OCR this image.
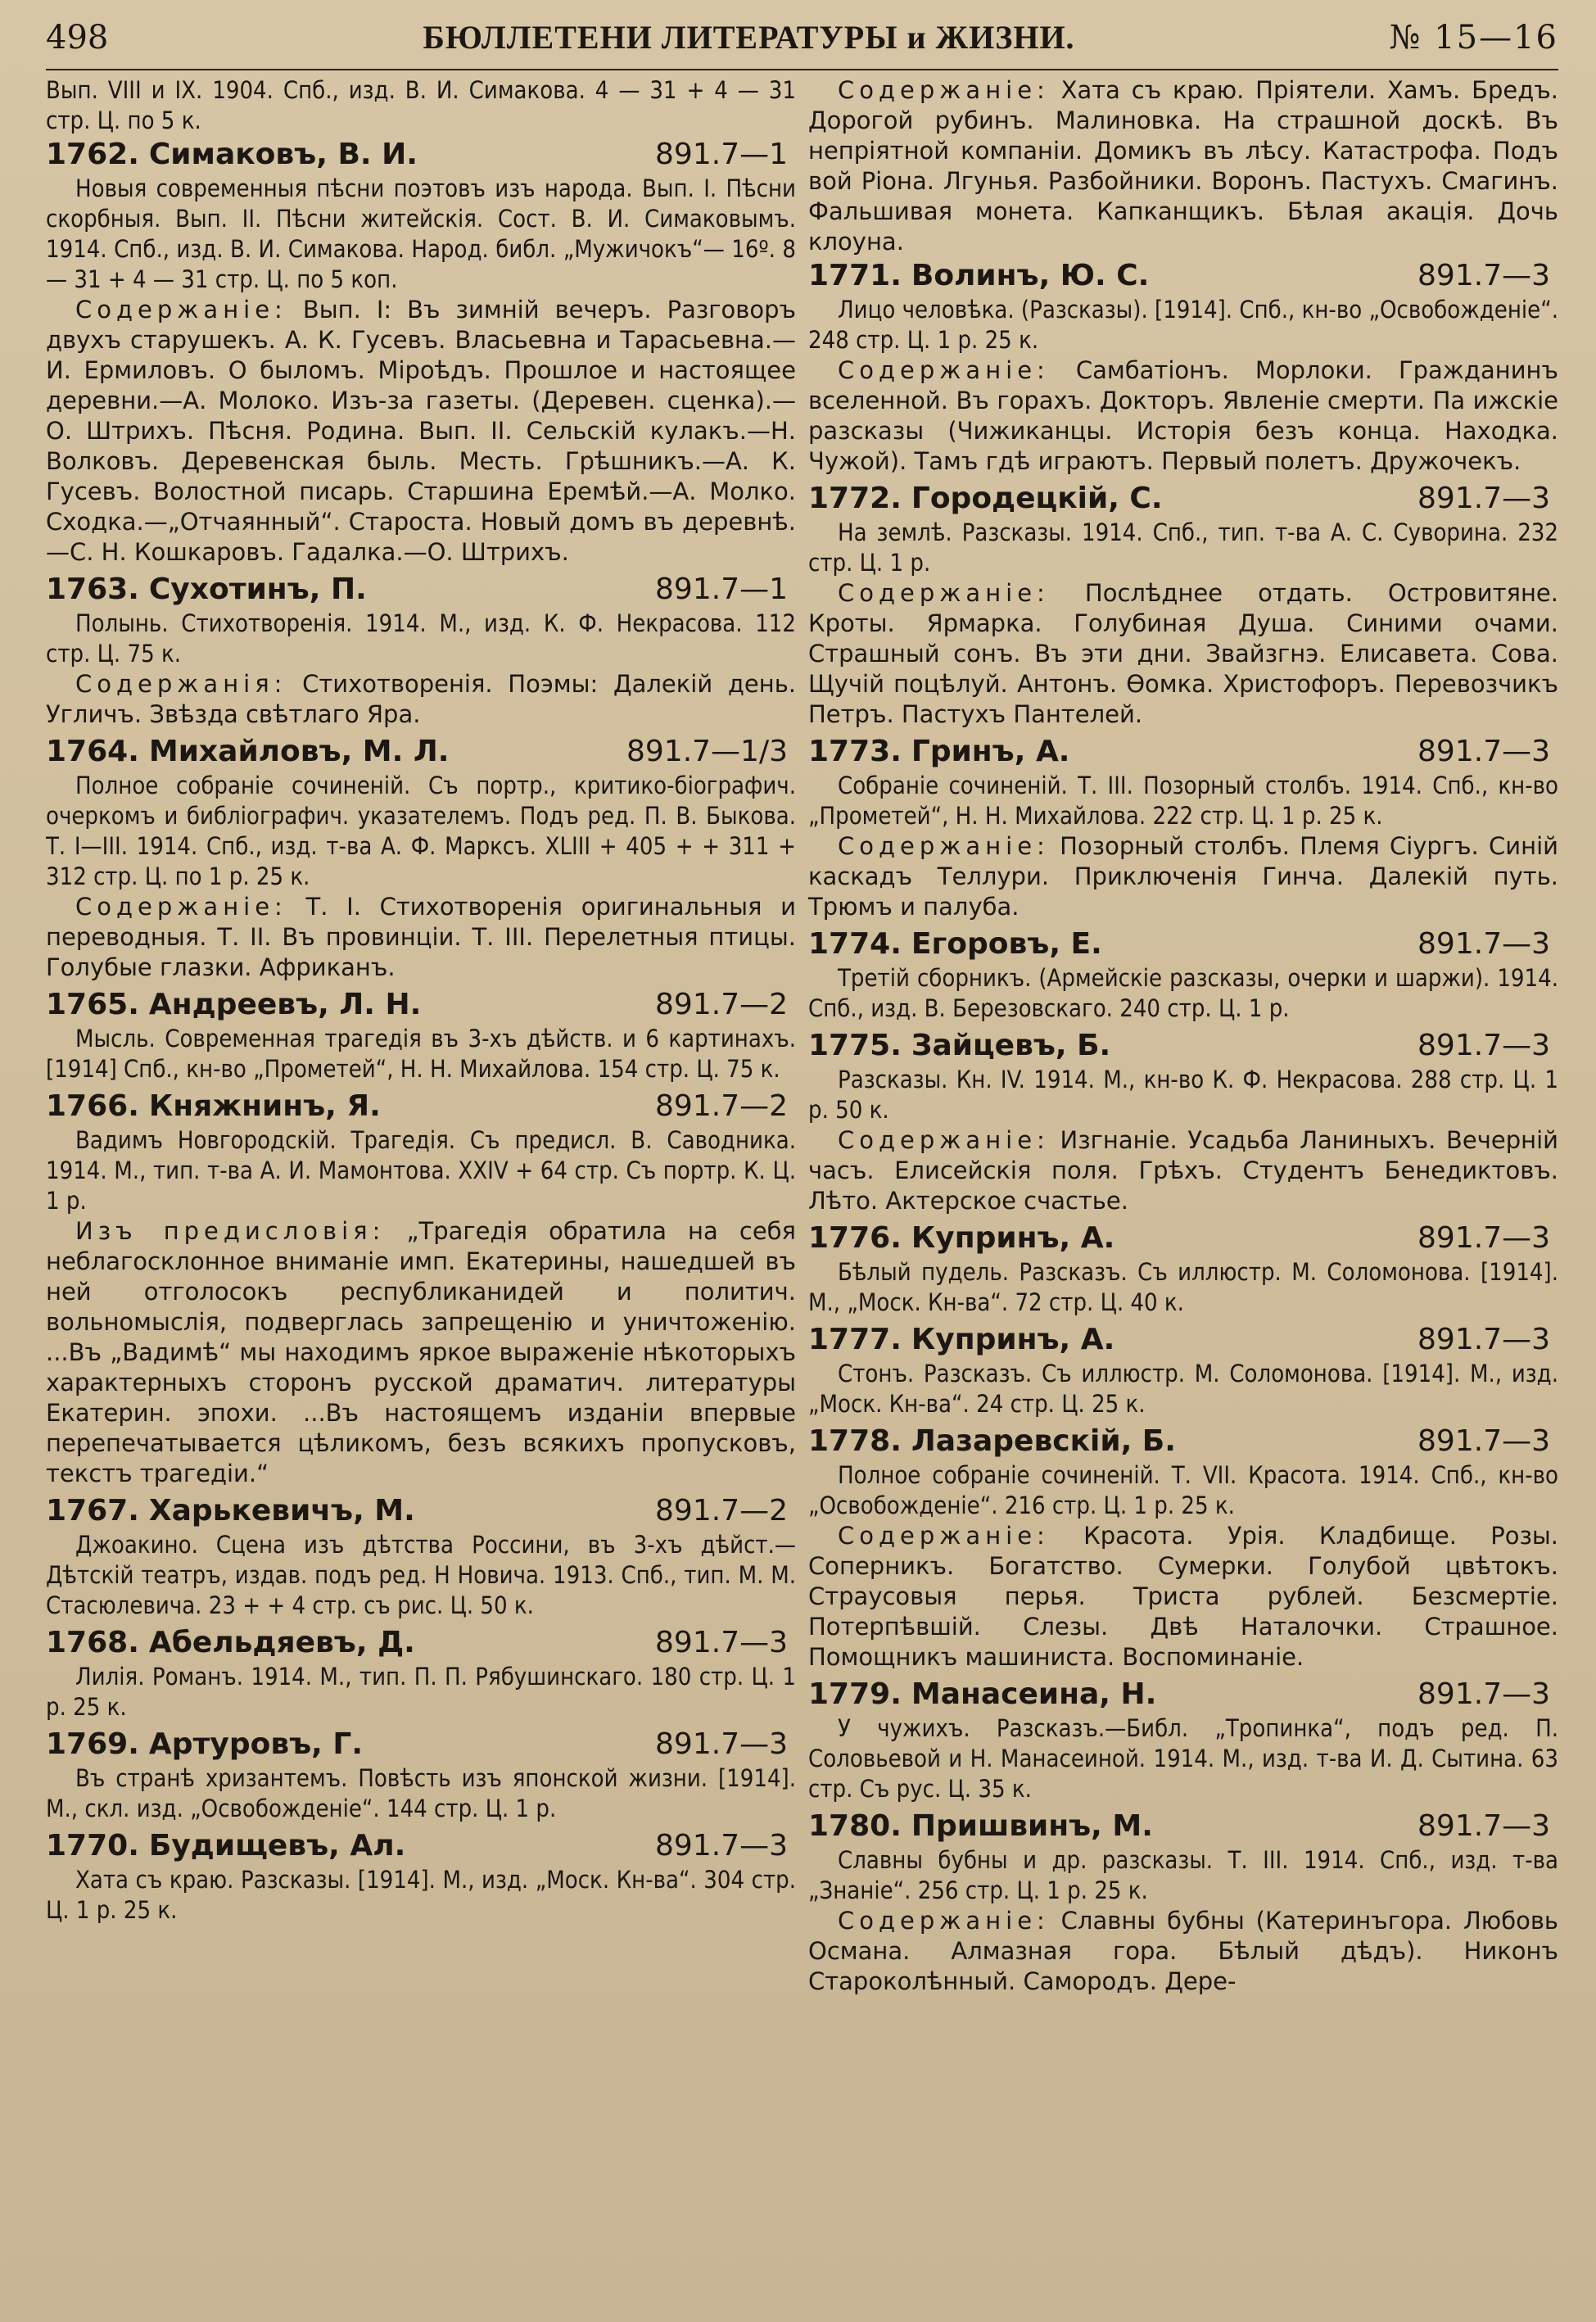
498	БЮЛЛЕТЕНИ ЛИТЕРАТУРЫ и ЖИЗНИ.	№ 15—16
Вып. VIII и IX. 1904. Спб., изд. В. И. Симакова. 4 — 31 + 4 — 31 стр. Ц. по 5 к.
1762. Симаковъ, В. И.	891.7—1
Новыя современныя пѣсни поэтовъ изъ народа. Вып. I. Пѣсни скорбныя. Вып. II. Пѣсни житейскія. Сост. В. И. Симаковымъ. 1914. Спб., изд. В. И. Симакова. Народ. библ. „Мужичокъ“— 16º. 8 — 31 + 4 — 31 стр. Ц. по 5 коп.
Содержаніе: Вып. I: Въ зимній вечеръ. Разговоръ двухъ старушекъ. А. К. Гусевъ. Власьевна и Тарасьевна.—И. Ермиловъ. О быломъ. Міроѣдъ. Прошлое и настоящее деревни.—А. Молоко. Изъ-за газеты. (Деревен. сценка).—О. Штрихъ. Пѣсня. Родина. Вып. II. Сельскій кулакъ.—Н. Волковъ. Деревенская быль. Месть. Грѣшникъ.—А. К. Гусевъ. Волостной писарь. Старшина Еремѣй.—А. Молко. Сходка.—„Отчаянный“. Староста. Новый домъ въ деревнѣ.—С. Н. Кошкаровъ. Гадалка.—О. Штрихъ.
1763. Сухотинъ, П.	891.7—1
Полынь. Стихотворенія. 1914. М., изд. К. Ф. Некрасова. 112 стр. Ц. 75 к.
Содержанія: Стихотворенія. Поэмы: Далекій день. Угличъ. Звѣзда свѣтлаго Яра.
1764. Михайловъ, М. Л.	891.7—1/3
Полное собраніе сочиненій. Съ портр., критико-біографич. очеркомъ и библіографич. указателемъ. Подъ ред. П. В. Быкова. Т. I—III. 1914. Спб., изд. т-ва А. Ф. Марксъ. XLIII + 405 + + 311 + 312 стр. Ц. по 1 р. 25 к.
Содержаніе: Т. I. Стихотворенія оригинальныя и переводныя. Т. II. Въ провинціи. Т. III. Перелетныя птицы. Голубые глазки. Африканъ.
1765. Андреевъ, Л. Н.	891.7—2
Мысль. Современная трагедія въ 3-хъ дѣйств. и 6 картинахъ. [1914] Спб., кн-во „Прометей“, Н. Н. Михайлова. 154 стр. Ц. 75 к.
1766. Княжнинъ, Я.	891.7—2
Вадимъ Новгородскій. Трагедія. Съ предисл. В. Саводника. 1914. М., тип. т-ва А. И. Мамонтова. XXIV + 64 стр. Съ портр. К. Ц. 1 р.
Изъ предисловія: „Трагедія обратила на себя неблагосклонное вниманіе имп. Екатерины, нашедшей въ ней отголосокъ республиканидей и политич. вольномыслія, подверглась запрещенію и уничтоженію. ...Въ „Вадимѣ“ мы находимъ яркое выраженіе нѣкоторыхъ характерныхъ сторонъ русской драматич. литературы Екатерин. эпохи. ...Въ настоящемъ изданіи впервые перепечатывается цѣликомъ, безъ всякихъ пропусковъ, текстъ трагедіи.“
1767. Харькевичъ, М.	891.7—2
Джоакино. Сцена изъ дѣтства Россини, въ 3-хъ дѣйст.—Дѣтскій театръ, издав. подъ ред. Н Новича. 1913. Спб., тип. М. М. Стасюлевича. 23 + + 4 стр. съ рис. Ц. 50 к.
1768. Абельдяевъ, Д.	891.7—3
Лилія. Романъ. 1914. М., тип. П. П. Рябушинскаго. 180 стр. Ц. 1 р. 25 к.
1769. Артуровъ, Г.	891.7—3
Въ странѣ хризантемъ. Повѣсть изъ японской жизни. [1914]. М., скл. изд. „Освобожденіе“. 144 стр. Ц. 1 р.
1770. Будищевъ, Ал.	891.7—3
Хата съ краю. Разсказы. [1914]. М., изд. „Моск. Кн-ва“. 304 стр. Ц. 1 р. 25 к.
Содержаніе: Хата съ краю. Пріятели. Хамъ. Бредъ. Дорогой рубинъ. Малиновка. На страшной доскѣ. Въ непріятной компаніи. Домикъ въ лѣсу. Катастрофа. Подъ вой Ріона. Лгунья. Разбойники. Воронъ. Пастухъ. Смагинъ. Фальшивая монета. Капканщикъ. Бѣлая акація. Дочь клоуна.
1771. Волинъ, Ю. С.	891.7—3
Лицо человѣка. (Разсказы). [1914]. Спб., кн-во „Освобожденіе“. 248 стр. Ц. 1 р. 25 к.
Содержаніе: Самбатіонъ. Морлоки. Гражданинъ вселенной. Въ горахъ. Докторъ. Явленіе смерти. Па ижскіе разсказы (Чижиканцы. Исторія безъ конца. Находка. Чужой). Тамъ гдѣ играютъ. Первый полетъ. Дружочекъ.
1772. Городецкій, С.	891.7—3
На землѣ. Разсказы. 1914. Спб., тип. т-ва А. С. Суворина. 232 стр. Ц. 1 р.
Содержаніе: Послѣднее отдать. Островитяне. Кроты. Ярмарка. Голубиная Душа. Синими очами. Страшный сонъ. Въ эти дни. Звайзгнэ. Елисавета. Сова. Щучій поцѣлуй. Антонъ. Ѳомка. Христофоръ. Перевозчикъ Петръ. Пастухъ Пантелей.
1773. Гринъ, А.	891.7—3
Собраніе сочиненій. Т. III. Позорный столбъ. 1914. Спб., кн-во „Прометей“, Н. Н. Михайлова. 222 стр. Ц. 1 р. 25 к.
Содержаніе: Позорный столбъ. Племя Сіургъ. Синій каскадъ Теллури. Приключенія Гинча. Далекій путь. Трюмъ и палуба.
1774. Егоровъ, Е.	891.7—3
Третій сборникъ. (Армейскіе разсказы, очерки и шаржи). 1914. Спб., изд. В. Березовскаго. 240 стр. Ц. 1 р.
1775. Зайцевъ, Б.	891.7—3
Разсказы. Кн. IV. 1914. М., кн-во К. Ф. Некрасова. 288 стр. Ц. 1 р. 50 к.
Содержаніе: Изгнаніе. Усадьба Ланиныхъ. Вечерній часъ. Елисейскія поля. Грѣхъ. Студентъ Бенедиктовъ. Лѣто. Актерское счастье.
1776. Купринъ, А.	891.7—3
Бѣлый пудель. Разсказъ. Съ иллюстр. М. Соломонова. [1914]. М., „Моск. Кн-ва“. 72 стр. Ц. 40 к.
1777. Купринъ, А.	891.7—3
Стонъ. Разсказъ. Съ иллюстр. М. Соломонова. [1914]. М., изд. „Моск. Кн-ва“. 24 стр. Ц. 25 к.
1778. Лазаревскій, Б.	891.7—3
Полное собраніе сочиненій. Т. VII. Красота. 1914. Спб., кн-во „Освобожденіе“. 216 стр. Ц. 1 р. 25 к.
Содержаніе: Красота. Урія. Кладбище. Розы. Соперникъ. Богатство. Сумерки. Голубой цвѣтокъ. Страусовыя перья. Триста рублей. Безсмертіе. Потерпѣвшій. Слезы. Двѣ Наталочки. Страшное. Помощникъ машиниста. Воспоминаніе.
1779. Манасеина, Н.	891.7—3
У чужихъ. Разсказъ.—Библ. „Тропинка“, подъ ред. П. Соловьевой и Н. Манасеиной. 1914. М., изд. т-ва И. Д. Сытина. 63 стр. Съ рус. Ц. 35 к.
1780. Пришвинъ, М.	891.7—3
Славны бубны и др. разсказы. Т. III. 1914. Спб., изд. т-ва „Знаніе“. 256 стр. Ц. 1 р. 25 к.
Содержаніе: Славны бубны (Катеринъгора. Любовь Османа. Алмазная гора. Бѣлый дѣдъ). Никонъ Староколѣнный. Самородъ. Дере-
